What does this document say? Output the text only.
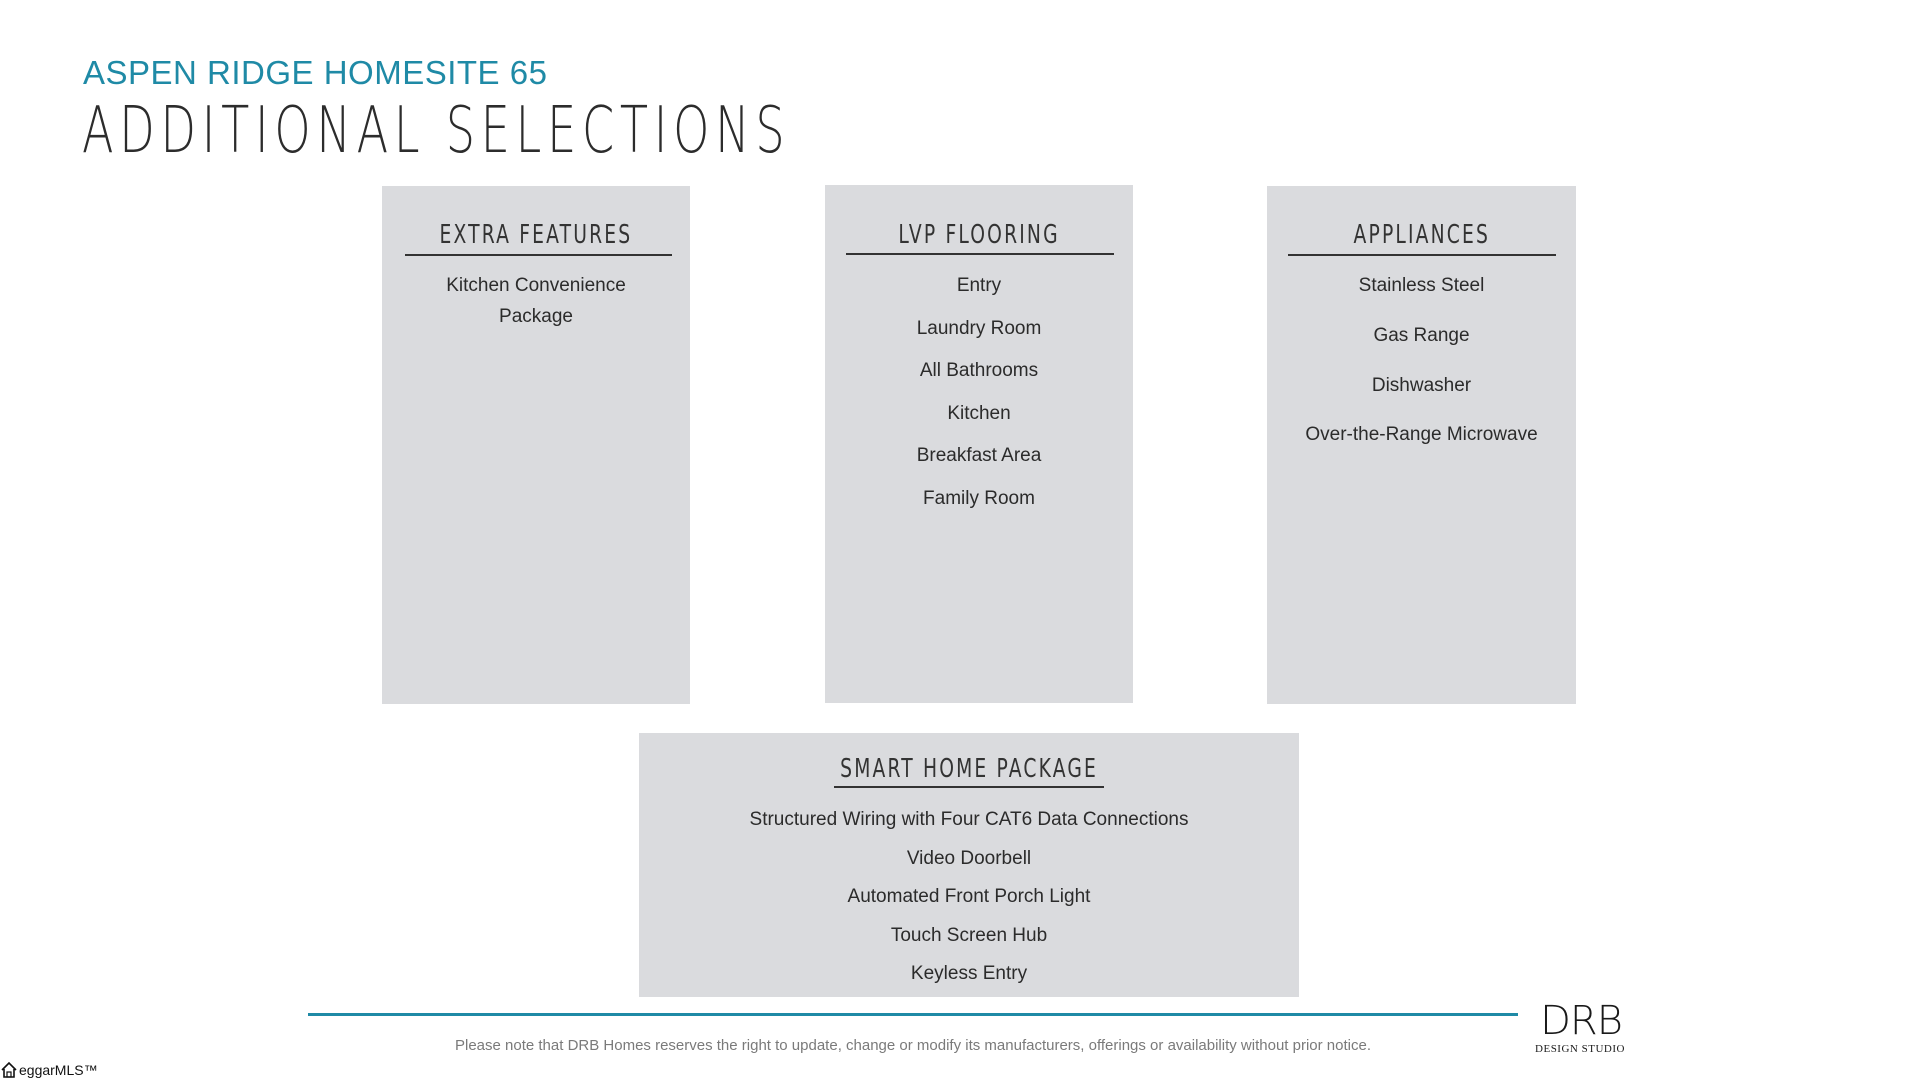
ASPEN RIDGE HOMESITE 65
ADDITIONAL SELECTIONS
EXTRA FEATURES
Kitchen Convenience Package
LVP FLOORING
Entry
Laundry Room
All Bathrooms
Kitchen
Breakfast Area
Family Room
APPLIANCES
Stainless Steel
Gas Range
Dishwasher
Over-the-Range Microwave
SMART HOME PACKAGE
Structured Wiring with Four CAT6 Data Connections
Video Doorbell
Automated Front Porch Light
Touch Screen Hub
Keyless Entry
Please note that DRB Homes reserves the right to update, change or modify its manufacturers, offerings or availability without prior notice.
DRB
DESIGN STUDIO
eggarMLS™
